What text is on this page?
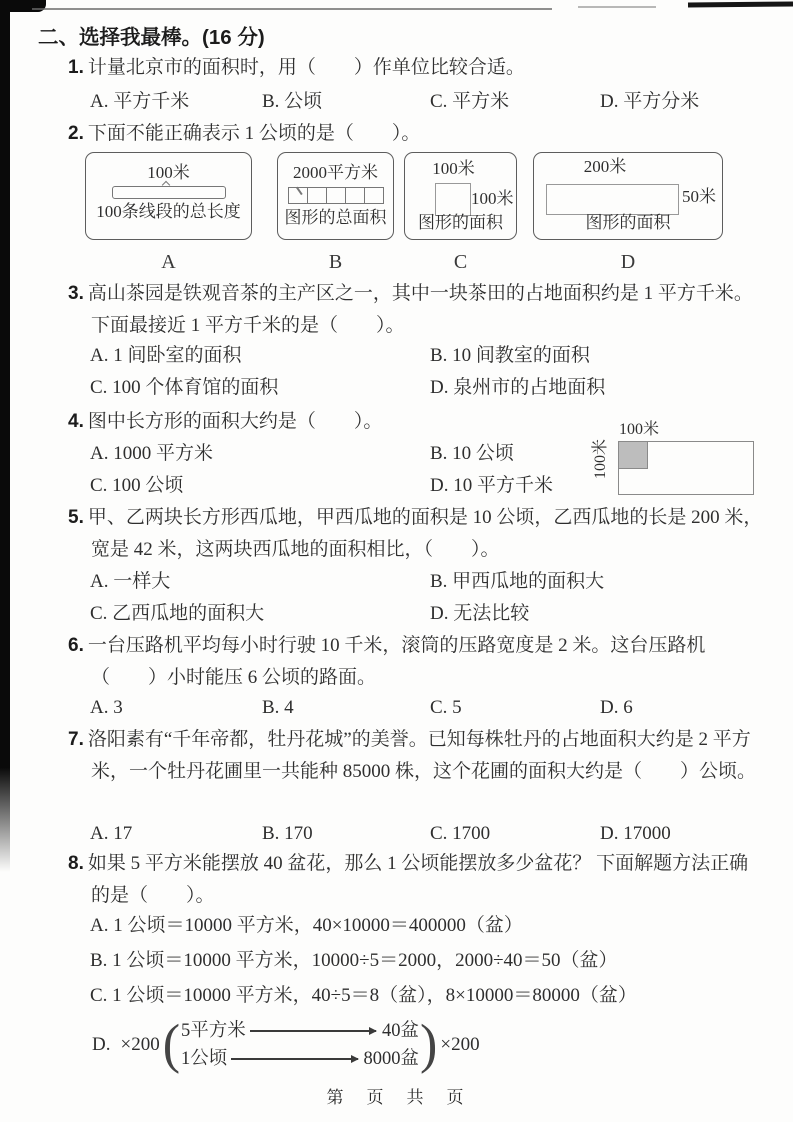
二、选择我最棒。(16 分)
1. 计量北京市的面积时，用（　　）作单位比较合适。
A. 平方千米	B. 公顷	C. 平方米	D. 平方分米
2. 下面不能正确表示 1 公顷的是（　　）。
100米
100条线段的总长度
A
2000平方米
图形的总面积
B
100米
100米
图形的面积
C
200米
50米
图形的面积
D
3. 高山茶园是铁观音茶的主产区之一，其中一块茶田的占地面积约是 1 平方千米。下面最接近 1 平方千米的是（　　）。
A. 1 间卧室的面积	B. 10 间教室的面积
C. 100 个体育馆的面积	D. 泉州市的占地面积
4. 图中长方形的面积大约是（　　）。
A. 1000 平方米	B. 10 公顷
C. 100 公顷	D. 10 平方千米
100米
100米
5. 甲、乙两块长方形西瓜地，甲西瓜地的面积是 10 公顷，乙西瓜地的长是 200 米，宽是 42 米，这两块西瓜地的面积相比，（　　）。
A. 一样大	B. 甲西瓜地的面积大
C. 乙西瓜地的面积大	D. 无法比较
6. 一台压路机平均每小时行驶 10 千米，滚筒的压路宽度是 2 米。这台压路机（　　）小时能压 6 公顷的路面。
A. 3	B. 4	C. 5	D. 6
7. 洛阳素有“千年帝都，牡丹花城”的美誉。已知每株牡丹的占地面积大约是 2 平方米，一个牡丹花圃里一共能种 85000 株，这个花圃的面积大约是（　　）公顷。
A. 17	B. 170	C. 1700	D. 17000
8. 如果 5 平方米能摆放 40 盆花，那么 1 公顷能摆放多少盆花？ 下面解题方法正确的是（　　）。
A. 1 公顷＝10000 平方米，40×10000＝400000（盆）
B. 1 公顷＝10000 平方米，10000÷5＝2000，2000÷40＝50（盆）
C. 1 公顷＝10000 平方米，40÷5＝8（盆），8×10000＝80000（盆）
D. ×200 ( 5平方米	40盆
1公顷	8000盆 ) ×200
第　页　共　页
